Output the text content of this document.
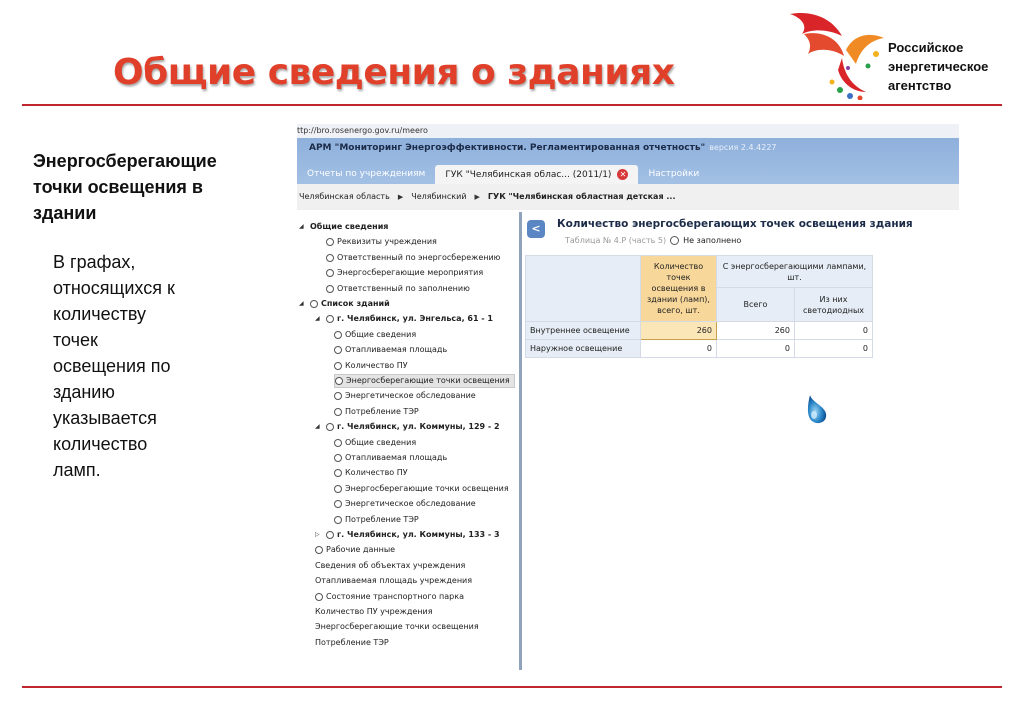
Общие сведения о зданиях
Российское
энергетическое
агентство
Энергосберегающие
точки освещения в
здании
В графах,
относящихся к
количеству
точек
освещения по
зданию
указывается
количество
ламп.
ttp://bro.rosenergo.gov.ru/meero
АРМ "Мониторинг Энергоэффективности. Регламентированная отчетность" версия 2.4.4227
Отчеты по учреждениям	ГУК "Челябинская облас... (2011/1) ✕	Настройки
Челябинская область ▶ Челябинский ▶ ГУК "Челябинская областная детская ...
◢ Общие сведения
Реквизиты учреждения
Ответственный по энергосбережению
Энергосберегающие мероприятия
Ответственный по заполнению
◢	Список зданий
◢	г. Челябинск, ул. Энгельса, 61 - 1
Общие сведения
Отапливаемая площадь
Количество ПУ
Энергосберегающие точки освещения
Энергетическое обследование
Потребление ТЭР
◢	г. Челябинск, ул. Коммуны, 129 - 2
Общие сведения
Отапливаемая площадь
Количество ПУ
Энергосберегающие точки освещения
Энергетическое обследование
Потребление ТЭР
▷	г. Челябинск, ул. Коммуны, 133 - 3
Рабочие данные
Сведения об объектах учреждения
Отапливаемая площадь учреждения
Состояние транспортного парка
Количество ПУ учреждения
Энергосберегающие точки освещения
Потребление ТЭР
<	Количество энергосберегающих точек освещения здания
Таблица № 4.Р (часть 5) Не заполнено
	Количество точек освещения в здании (ламп), всего, шт.	С энергосберегающими лампами, шт.	
		Всего	Из них светодиодных
Внутреннее освещение	260	260	0
Наружное освещение	0	0	0
